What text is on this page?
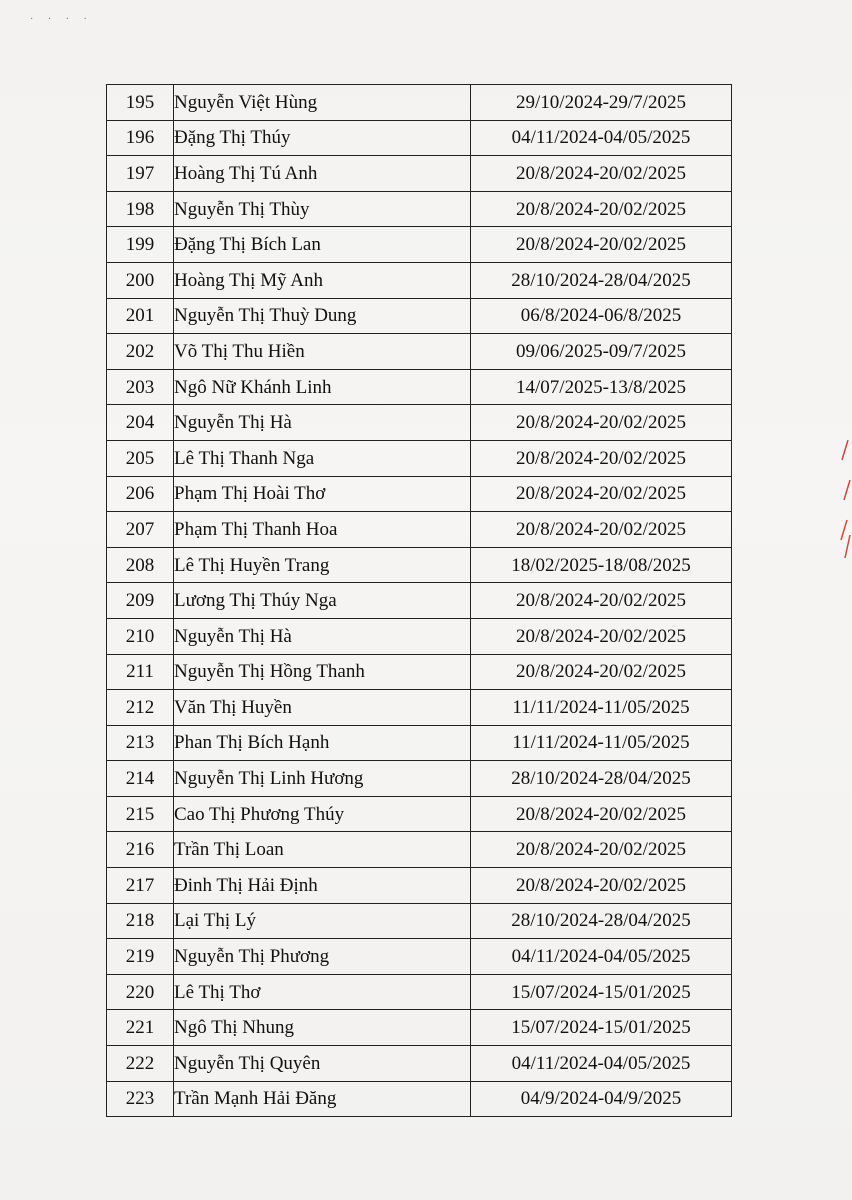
· · · ·
195	Nguyễn Việt Hùng	29/10/2024-29/7/2025
196	Đặng Thị Thúy	04/11/2024-04/05/2025
197	Hoàng Thị Tú Anh	20/8/2024-20/02/2025
198	Nguyễn Thị Thùy	20/8/2024-20/02/2025
199	Đặng Thị Bích Lan	20/8/2024-20/02/2025
200	Hoàng Thị Mỹ Anh	28/10/2024-28/04/2025
201	Nguyễn Thị Thuỳ Dung	06/8/2024-06/8/2025
202	Võ Thị Thu Hiền	09/06/2025-09/7/2025
203	Ngô Nữ Khánh Linh	14/07/2025-13/8/2025
204	Nguyễn Thị Hà	20/8/2024-20/02/2025
205	Lê Thị Thanh Nga	20/8/2024-20/02/2025
206	Phạm Thị Hoài Thơ	20/8/2024-20/02/2025
207	Phạm Thị Thanh Hoa	20/8/2024-20/02/2025
208	Lê Thị Huyền Trang	18/02/2025-18/08/2025
209	Lương Thị Thúy Nga	20/8/2024-20/02/2025
210	Nguyễn Thị Hà	20/8/2024-20/02/2025
211	Nguyễn Thị Hồng Thanh	20/8/2024-20/02/2025
212	Văn Thị Huyền	11/11/2024-11/05/2025
213	Phan Thị Bích Hạnh	11/11/2024-11/05/2025
214	Nguyễn Thị Linh Hương	28/10/2024-28/04/2025
215	Cao Thị Phương Thúy	20/8/2024-20/02/2025
216	Trần Thị Loan	20/8/2024-20/02/2025
217	Đinh Thị Hải Định	20/8/2024-20/02/2025
218	Lại Thị Lý	28/10/2024-28/04/2025
219	Nguyễn Thị Phương	04/11/2024-04/05/2025
220	Lê Thị Thơ	15/07/2024-15/01/2025
221	Ngô Thị Nhung	15/07/2024-15/01/2025
222	Nguyễn Thị Quyên	04/11/2024-04/05/2025
223	Trần Mạnh Hải Đăng	04/9/2024-04/9/2025
